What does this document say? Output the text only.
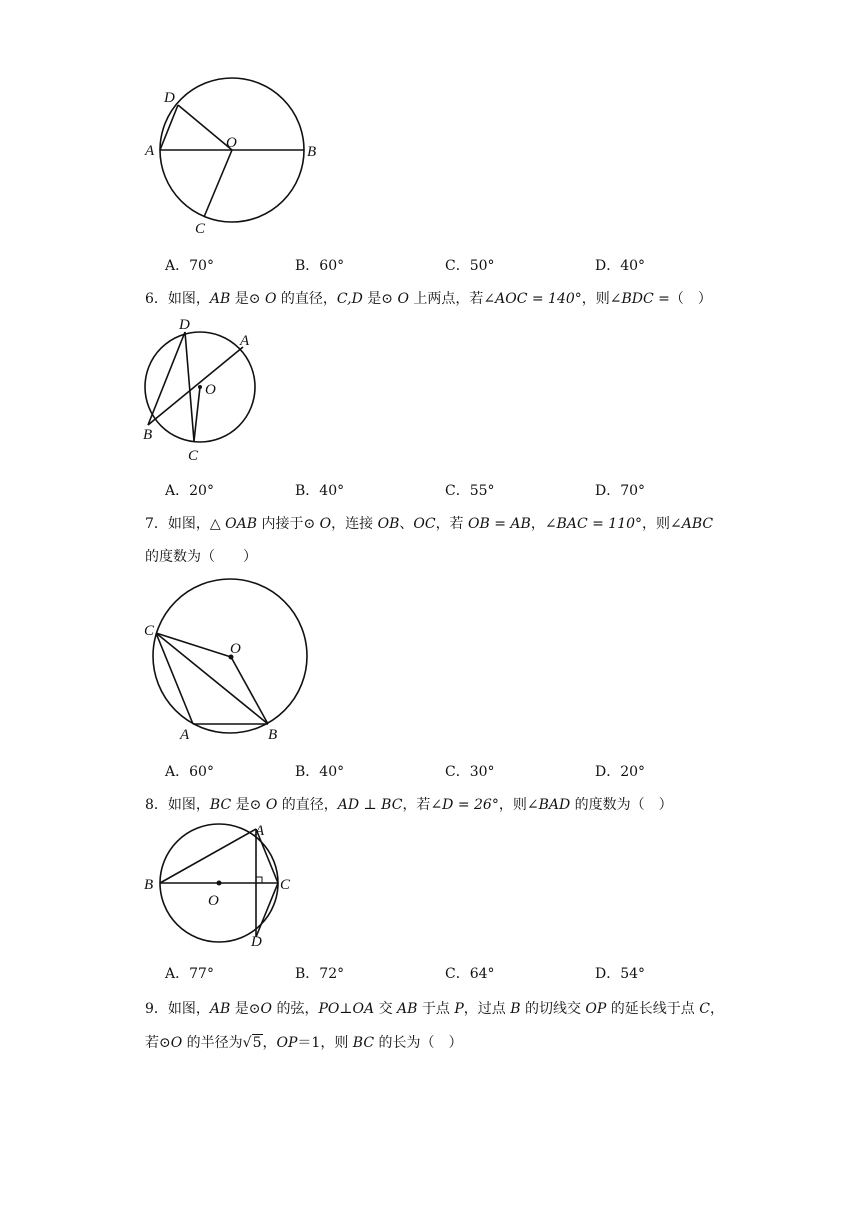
D
A	O
B
C
A．70°	B．60°	C．50°	D．40°
6．如图，AB 是⊙ O 的直径，C,D 是⊙ O 上两点，若∠AOC = 140°，则∠BDC =（　）
D
A
O
B
C
A．20°	B．40°	C．55°	D．70°
7．如图，△ OAB 内接于⊙ O，连接 OB、OC，若 OB = AB，∠BAC = 110°，则∠ABC
的度数为（　　）
C
O
A	B
A．60°	B．40°	C．30°	D．20°
8．如图，BC 是⊙ O 的直径，AD ⊥ BC，若∠D = 26°，则∠BAD 的度数为（　）
A
B
O
C
D
A．77°	B．72°	C．64°	D．54°
9．如图，AB 是⊙O 的弦，PO⊥OA 交 AB 于点 P，过点 B 的切线交 OP 的延长线于点 C，
若⊙O 的半径为√5，OP＝1，则 BC 的长为（　）
